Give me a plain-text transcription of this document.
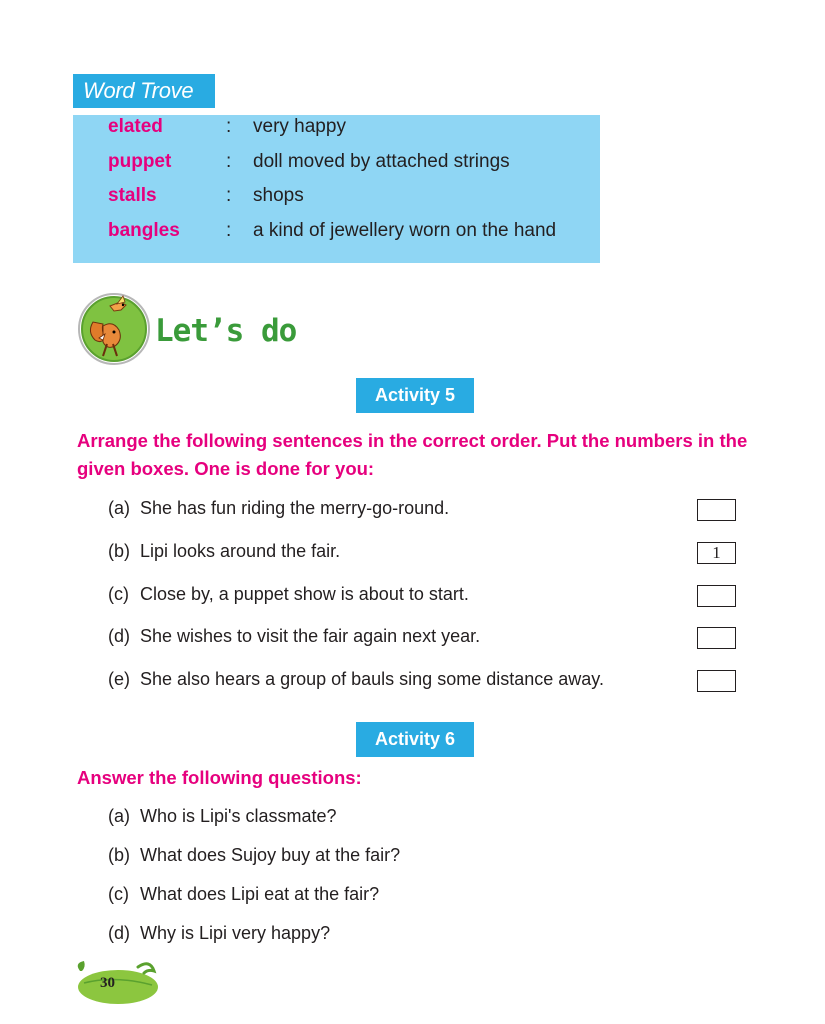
Word Trove
elated	: very happy
puppet	: doll moved by attached strings
stalls	: shops
bangles : a kind of jewellery worn on the hand
Let’s do
Activity 5
Arrange the following sentences in the correct order. Put the numbers in the given boxes. One is done for you:
(a) She has fun riding the merry-go-round.
(b) Lipi looks around the fair.	1
(c) Close by, a puppet show is about to start.
(d) She wishes to visit the fair again next year.
(e) She also hears a group of bauls sing some distance away.
Activity 6
Answer the following questions:
(a) Who is Lipi's classmate?
(b) What does Sujoy buy at the fair?
(c) What does Lipi eat at the fair?
(d) Why is Lipi very happy?
30
